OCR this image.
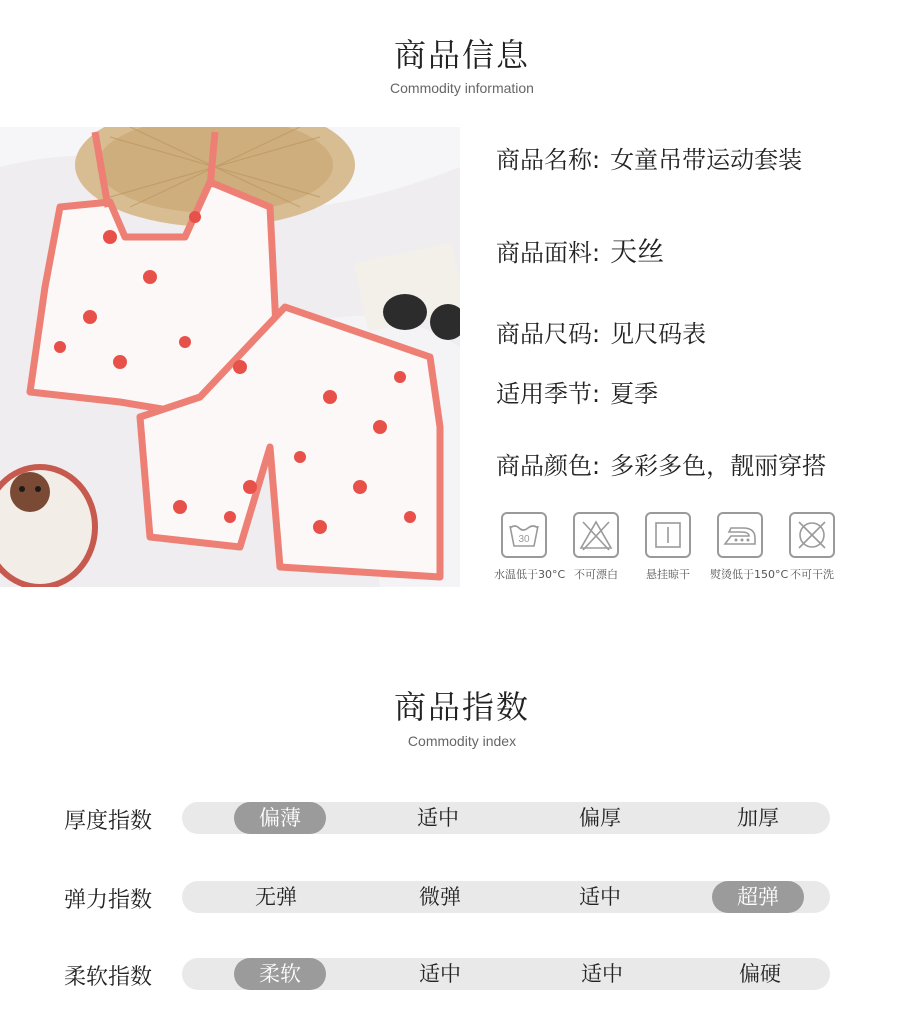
商品信息
Commodity information
商品名称: 女童吊带运动套装
商品面料: 天丝
商品尺码: 见尺码表
适用季节: 夏季
商品颜色: 多彩多色，靓丽穿搭
30
水温低于30°C 不可漂白	悬挂晾干	熨烫低于150°C 不可干洗
商品指数
Commodity index
厚度指数	偏薄	适中	偏厚	加厚
弹力指数	无弹	微弹	适中	超弹
柔软指数	柔软	适中	适中	偏硬
